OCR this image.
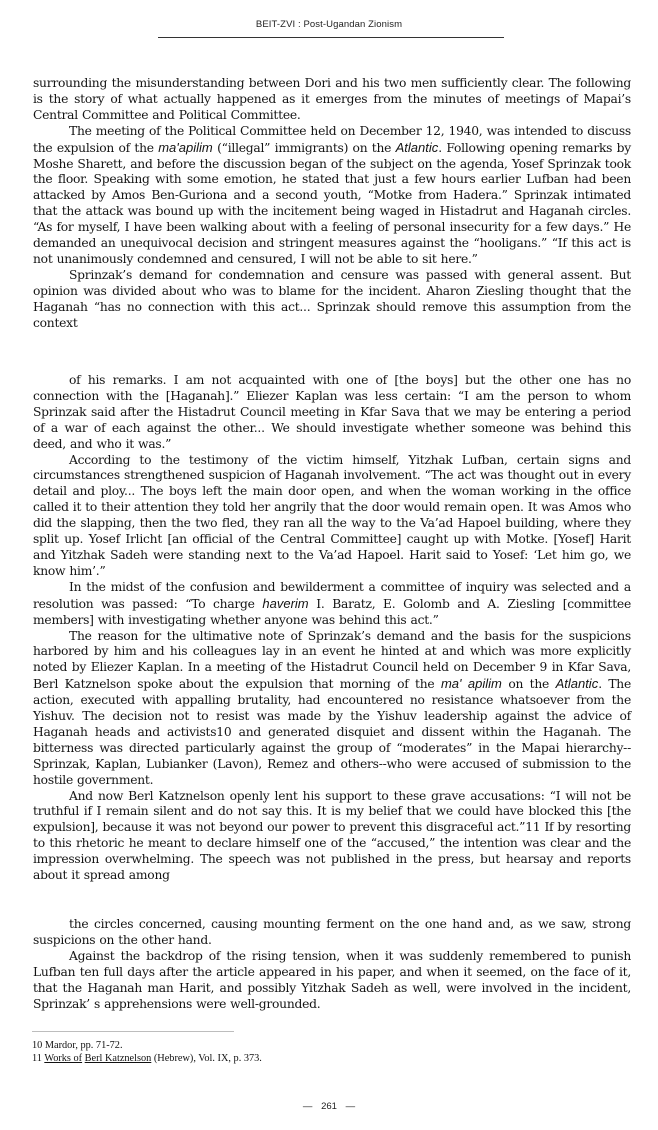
BEIT-ZVI : Post-Ugandan Zionism

surrounding the misunderstanding between Dori and his two men sufficiently clear. The following is the story of what actually happened as it emerges from the minutes of meetings of Mapai’s Central Committee and Political Committee.

The meeting of the Political Committee held on December 12, 1940, was intended to discuss the expulsion of the ma'apilim (“illegal” immigrants) on the Atlantic. Following opening remarks by Moshe Sharett, and before the discussion began of the subject on the agenda, Yosef Sprinzak took the floor. Speaking with some emotion, he stated that just a few hours earlier Lufban had been attacked by Amos Ben-Guriona and a second youth, “Motke from Hadera.” Sprinzak intimated that the attack was bound up with the incitement being waged in Histadrut and Haganah circles. “As for myself, I have been walking about with a feeling of personal insecurity for a few days.” He demanded an unequivocal decision and stringent measures against the “hooligans.” “If this act is not unanimously condemned and censured, I will not be able to sit here.”

Sprinzak’s demand for condemnation and censure was passed with general assent. But opinion was divided about who was to blame for the incident. Aharon Ziesling thought that the Haganah “has no connection with this act... Sprinzak should remove this assumption from the context

of his remarks. I am not acquainted with one of [the boys] but the other one has no connection with the [Haganah].” Eliezer Kaplan was less certain: “I am the person to whom Sprinzak said after the Histadrut Council meeting in Kfar Sava that we may be entering a period of a war of each against the other... We should investigate whether someone was behind this deed, and who it was.”

According to the testimony of the victim himself, Yitzhak Lufban, certain signs and circumstances strengthened suspicion of Haganah involvement. “The act was thought out in every detail and ploy... The boys left the main door open, and when the woman working in the office called it to their attention they told her angrily that the door would remain open. It was Amos who did the slapping, then the two fled, they ran all the way to the Va’ad Hapoel building, where they split up. Yosef Irlicht [an official of the Central Committee] caught up with Motke. [Yosef] Harit and Yitzhak Sadeh were standing next to the Va’ad Hapoel. Harit said to Yosef: ‘Let him go, we know him’.”

In the midst of the confusion and bewilderment a committee of inquiry was selected and a resolution was passed: “To charge haverim I. Baratz, E. Golomb and A. Ziesling [committee members] with investigating whether anyone was behind this act.”

The reason for the ultimative note of Sprinzak’s demand and the basis for the suspicions harbored by him and his colleagues lay in an event he hinted at and which was more explicitly noted by Eliezer Kaplan. In a meeting of the Histadrut Council held on December 9 in Kfar Sava, Berl Katznelson spoke about the expulsion that morning of the ma' apilim on the Atlantic. The action, executed with appalling brutality, had encountered no resistance whatsoever from the Yishuv. The decision not to resist was made by the Yishuv leadership against the advice of Haganah heads and activists10 and generated disquiet and dissent within the Haganah. The bitterness was directed particularly against the group of “moderates” in the Mapai hierarchy--Sprinzak, Kaplan, Lubianker (Lavon), Remez and others--who were accused of submission to the hostile government.

And now Berl Katznelson openly lent his support to these grave accusations: “I will not be truthful if I remain silent and do not say this. It is my belief that we could have blocked this [the expulsion], because it was not beyond our power to prevent this disgraceful act.”11 If by resorting to this rhetoric he meant to declare himself one of the “accused,” the intention was clear and the impression overwhelming. The speech was not published in the press, but hearsay and reports about it spread among

the circles concerned, causing mounting ferment on the one hand and, as we saw, strong suspicions on the other hand.

Against the backdrop of the rising tension, when it was suddenly remembered to punish Lufban ten full days after the article appeared in his paper, and when it seemed, on the face of it, that the Haganah man Harit, and possibly Yitzhak Sadeh as well, were involved in the incident, Sprinzak’ s apprehensions were well-grounded.

10 Mardor, pp. 71-72.
11 Works of Berl Katznelson (Hebrew), Vol. IX, p. 373.
— 261 —
